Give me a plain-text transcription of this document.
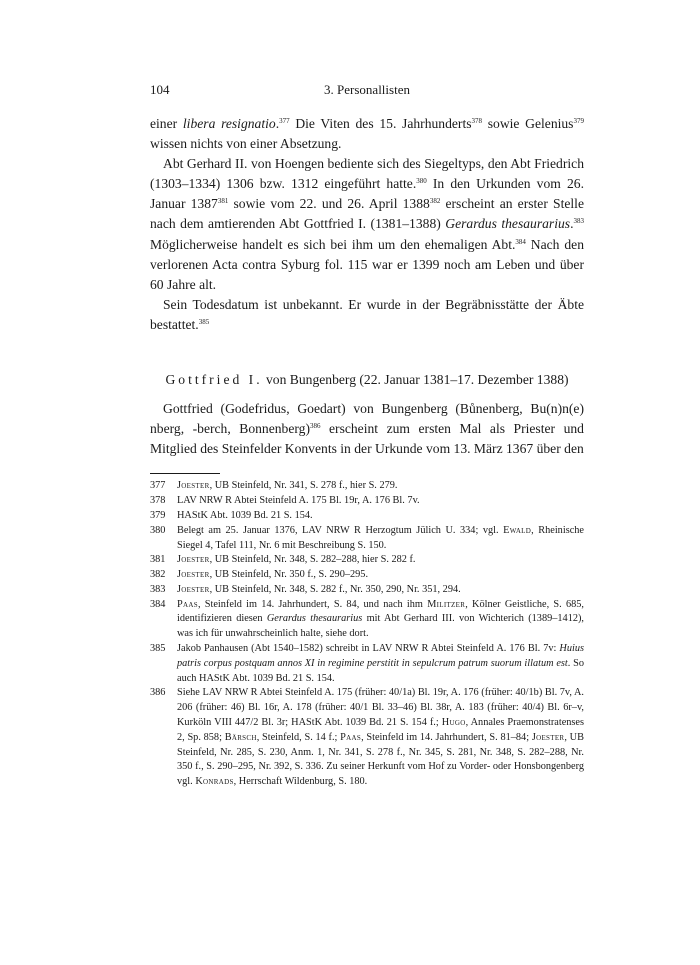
104	3. Personallisten

einer libera resignatio.$^{377}$ Die Viten des 15. Jahrhunderts$^{378}$ sowie Gelenius$^{379}$ wissen nichts von einer Absetzung.

Abt Gerhard II. von Hoengen bediente sich des Siegeltyps, den Abt Friedrich (1303–1334) 1306 bzw. 1312 eingeführt hatte.$^{380}$ In den Urkunden vom 26. Januar 1387$^{381}$ sowie vom 22. und 26. April 1388$^{382}$ erscheint an erster Stelle nach dem amtierenden Abt Gottfried I. (1381–1388) Gerardus thesaurarius.$^{383}$ Möglicherweise handelt es sich bei ihm um den ehemaligen Abt.$^{384}$ Nach den verlorenen Acta contra Syburg fol. 115 war er 1399 noch am Leben und über 60 Jahre alt.

Sein Todesdatum ist unbekannt. Er wurde in der Begräbnisstätte der Äbte bestattet.$^{385}$

Gottfried I. von Bungenberg (22. Januar 1381–17. Dezember 1388)

Gottfried (Godefridus, Goedart) von Bungenberg (Bůnenberg, Bu(n)n(e) nberg, -berch, Bonnenberg)$^{386}$ erscheint zum ersten Mal als Priester und Mitglied des Steinfelder Konvents in der Urkunde vom 13. März 1367 über den

377	Joester, UB Steinfeld, Nr. 341, S. 278 f., hier S. 279.
378	LAV NRW R Abtei Steinfeld A. 175 Bl. 19r, A. 176 Bl. 7v.
379	HAStK Abt. 1039 Bd. 21 S. 154.
380	Belegt am 25. Januar 1376, LAV NRW R Herzogtum Jülich U. 334; vgl. Ewald, Rheinische Siegel 4, Tafel 111, Nr. 6 mit Beschreibung S. 150.
381	Joester, UB Steinfeld, Nr. 348, S. 282–288, hier S. 282 f.
382	Joester, UB Steinfeld, Nr. 350 f., S. 290–295.
383	Joester, UB Steinfeld, Nr. 348, S. 282 f., Nr. 350, 290, Nr. 351, 294.
384	Paas, Steinfeld im 14. Jahrhundert, S. 84, und nach ihm Militzer, Kölner Geistliche, S. 685, identifizieren diesen Gerardus thesaurarius mit Abt Gerhard III. von Wichterich (1389–1412), was ich für unwahrscheinlich halte, siehe dort.
385	Jakob Panhausen (Abt 1540–1582) schreibt in LAV NRW R Abtei Steinfeld A. 176 Bl. 7v: Huius patris corpus postquam annos XI in regimine perstitit in sepulcrum patrum suorum illatum est. So auch HAStK Abt. 1039 Bd. 21 S. 154.
386	Siehe LAV NRW R Abtei Steinfeld A. 175 (früher: 40/1a) Bl. 19r, A. 176 (früher: 40/1b) Bl. 7v, A. 206 (früher: 46) Bl. 16r, A. 178 (früher: 40/1 Bl. 33–46) Bl. 38r, A. 183 (früher: 40/4) Bl. 6r–v, Kurköln VIII 447/2 Bl. 3r; HAStK Abt. 1039 Bd. 21 S. 154 f.; Hugo, Annales Praemonstratenses 2, Sp. 858; Bärsch, Steinfeld, S. 14 f.; Paas, Steinfeld im 14. Jahrhundert, S. 81–84; Joester, UB Steinfeld, Nr. 285, S. 230, Anm. 1, Nr. 341, S. 278 f., Nr. 345, S. 281, Nr. 348, S. 282–288, Nr. 350 f., S. 290–295, Nr. 392, S. 336. Zu seiner Herkunft vom Hof zu Vorder- oder Honsbongenberg vgl. Konrads, Herrschaft Wildenburg, S. 180.
